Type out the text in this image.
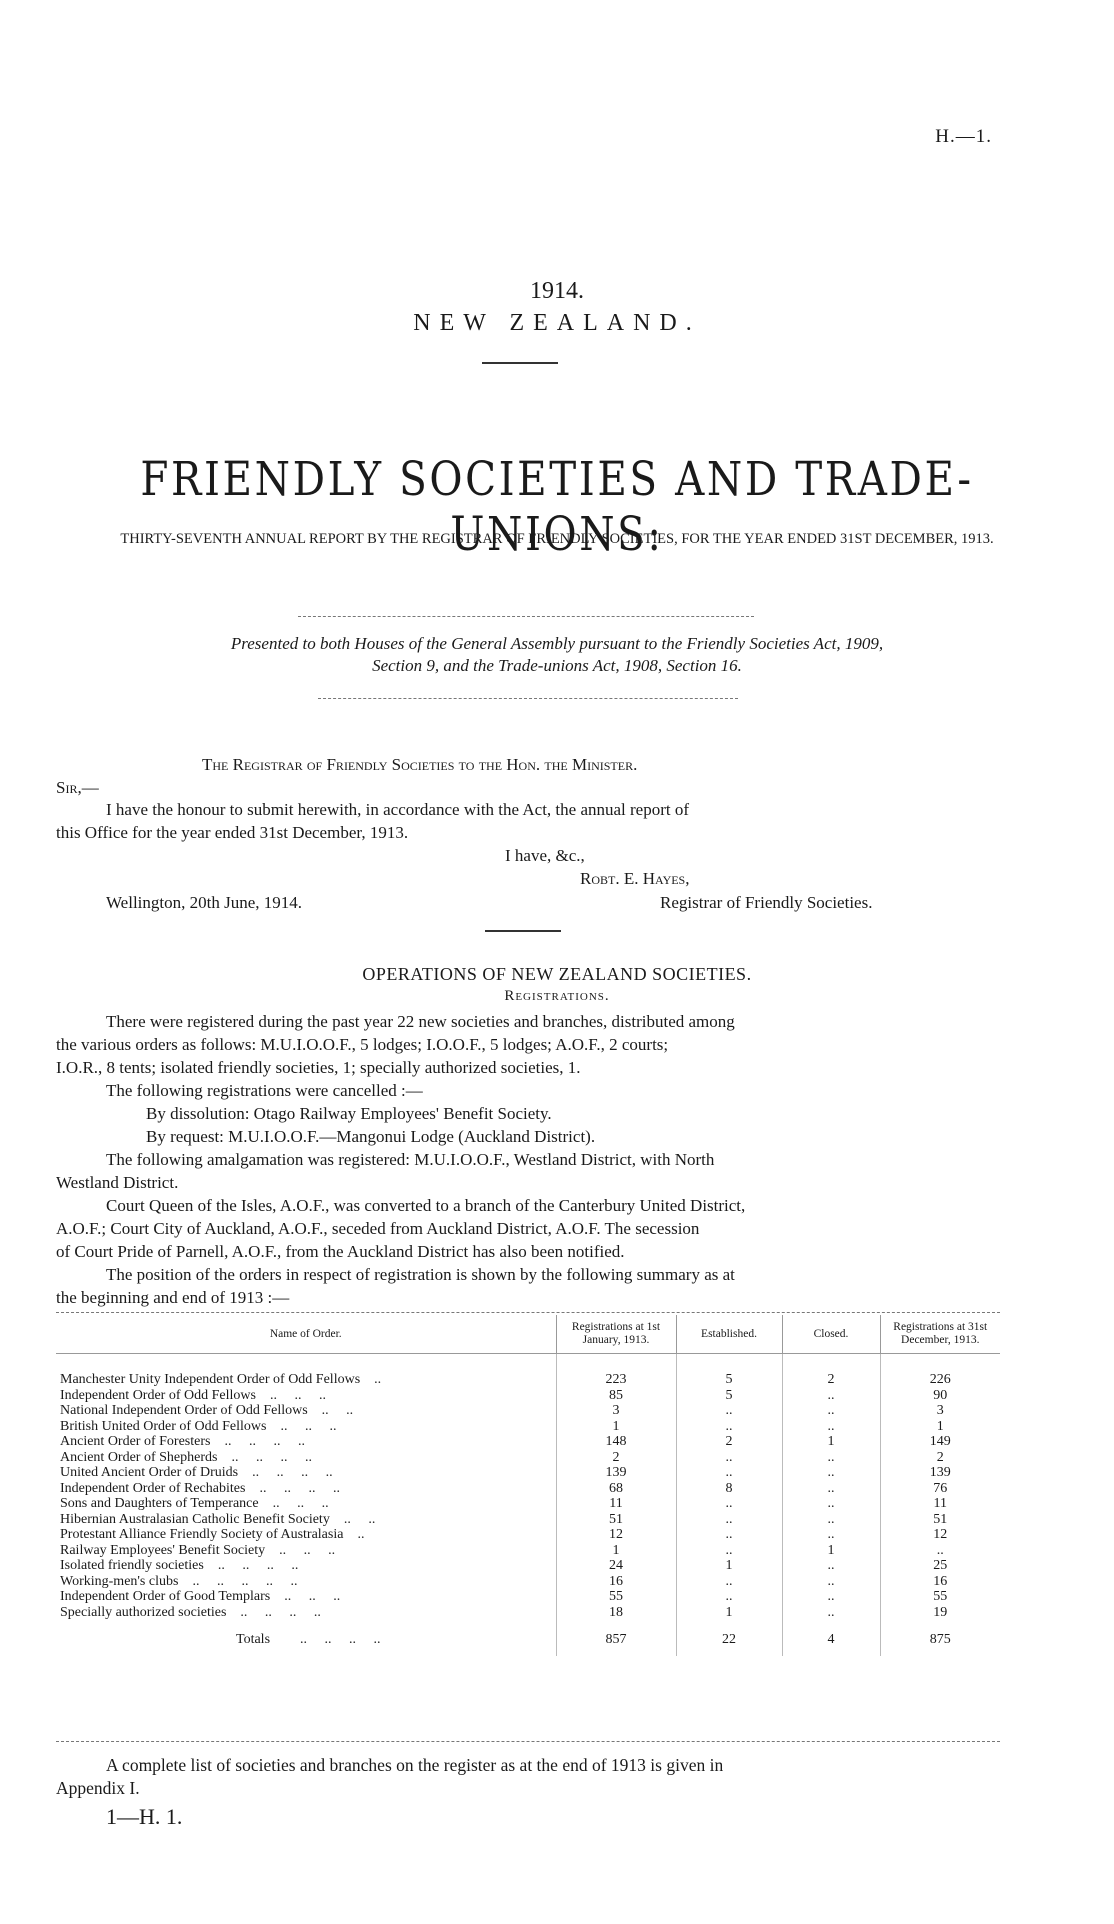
H.—1.
1914.
NEW ZEALAND.
FRIENDLY SOCIETIES AND TRADE-UNIONS:
THIRTY-SEVENTH ANNUAL REPORT BY THE REGISTRAR OF FRIENDLY SOCIETIES, FOR THE YEAR ENDED 31ST DECEMBER, 1913.
Presented to both Houses of the General Assembly pursuant to the Friendly Societies Act, 1909,
Section 9, and the Trade-unions Act, 1908, Section 16.
The Registrar of Friendly Societies to the Hon. the Minister.
Sir,—
I have the honour to submit herewith, in accordance with the Act, the annual report of
this Office for the year ended 31st December, 1913.
I have, &c.,
Robt. E. Hayes,
Wellington, 20th June, 1914.	Registrar of Friendly Societies.
OPERATIONS OF NEW ZEALAND SOCIETIES.
Registrations.
There were registered during the past year 22 new societies and branches, distributed among
the various orders as follows: M.U.I.O.O.F., 5 lodges; I.O.O.F., 5 lodges; A.O.F., 2 courts;
I.O.R., 8 tents; isolated friendly societies, 1; specially authorized societies, 1.
The following registrations were cancelled :—
By dissolution: Otago Railway Employees' Benefit Society.
By request: M.U.I.O.O.F.—Mangonui Lodge (Auckland District).
The following amalgamation was registered: M.U.I.O.O.F., Westland District, with North
Westland District.
Court Queen of the Isles, A.O.F., was converted to a branch of the Canterbury United District,
A.O.F.; Court City of Auckland, A.O.F., seceded from Auckland District, A.O.F. The secession
of Court Pride of Parnell, A.O.F., from the Auckland District has also been notified.
The position of the orders in respect of registration is shown by the following summary as at
the beginning and end of 1913 :—
Name of Order.	Registrations at 1st January, 1913.	Established.	Closed.	Registrations at 31st December, 1913.

Manchester Unity Independent Order of Odd Fellows ..	223	5	2	226
Independent Order of Odd Fellows ..     ..     ..	85	5	..	90
National Independent Order of Odd Fellows ..     ..	3	..	..	3
British United Order of Odd Fellows ..     ..     ..	1	..	..	1
Ancient Order of Foresters ..     ..     ..     ..	148	2	1	149
Ancient Order of Shepherds ..     ..     ..     ..	2	..	..	2
United Ancient Order of Druids ..     ..     ..     ..	139	..	..	139
Independent Order of Rechabites ..     ..     ..     ..	68	8	..	76
Sons and Daughters of Temperance ..     ..     ..	11	..	..	11
Hibernian Australasian Catholic Benefit Society ..     ..	51	..	..	51
Protestant Alliance Friendly Society of Australasia ..	12	..	..	12
Railway Employees' Benefit Society ..     ..     ..	1	..	1	..
Isolated friendly societies ..     ..     ..     ..	24	1	..	25
Working-men's clubs ..     ..     ..     ..     ..	16	..	..	16
Independent Order of Good Templars ..     ..     ..	55	..	..	55
Specially authorized societies ..     ..     ..     ..	18	1	..	19
Totals ..     ..     ..     ..	857	22	4	875
A complete list of societies and branches on the register as at the end of 1913 is given in
Appendix I.
1—H. 1.
